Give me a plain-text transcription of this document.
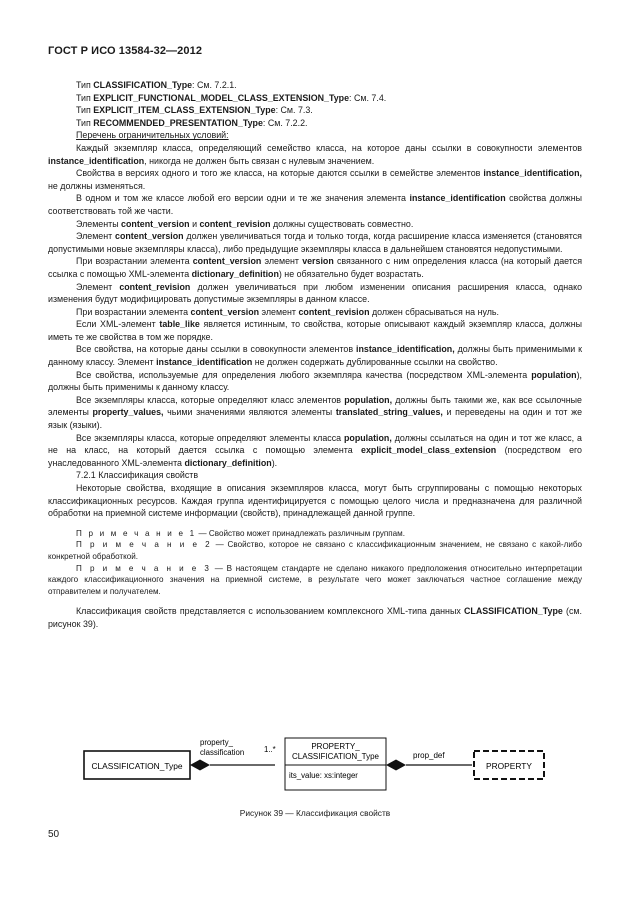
ГОСТ Р ИСО 13584-32—2012

Тип CLASSIFICATION_Type: См. 7.2.1.

Тип EXPLICIT_FUNCTIONAL_MODEL_CLASS_EXTENSION_Type: См. 7.4.

Тип EXPLICIT_ITEM_CLASS_EXTENSION_Type: См. 7.3.

Тип RECOMMENDED_PRESENTATION_Type: См. 7.2.2.

Перечень ограничительных условий:

Каждый экземпляр класса, определяющий семейство класса, на которое даны ссылки в совокупности элементов instance_identification, никогда не должен быть связан с нулевым значением.

Свойства в версиях одного и того же класса, на которые даются ссылки в семействе элементов instance_identification, не должны изменяться.

В одном и том же классе любой его версии одни и те же значения элемента instance_identification свойства должны соответствовать той же части.

Элементы content_version и content_revision должны существовать совместно.

Элемент content_version должен увеличиваться тогда и только тогда, когда расширение класса изменяется (становятся допустимыми новые экземпляры класса), либо предыдущие экземпляры класса в дальнейшем становятся недопустимыми.

При возрастании элемента content_version элемент version связанного с ним определения класса (на который дается ссылка с помощью XML-элемента dictionary_definition) не обязательно будет возрастать.

Элемент content_revision должен увеличиваться при любом изменении описания расширения класса, однако изменения будут модифицировать допустимые экземпляры в данном классе.

При возрастании элемента content_version элемент content_revision должен сбрасываться на нуль.

Если XML-элемент table_like является истинным, то свойства, которые описывают каждый экземпляр класса, должны иметь те же свойства в том же порядке.

Все свойства, на которые даны ссылки в совокупности элементов instance_identification, должны быть применимыми к данному классу. Элемент instance_identification не должен содержать дублированные ссылки на свойство.

Все свойства, используемые для определения любого экземпляра качества (посредством XML-элемента population), должны быть применимы к данному классу.

Все экземпляры класса, которые определяют класс элементов population, должны быть такими же, как все ссылочные элементы property_values, чьими значениями являются элементы translated_string_values, и переведены на один и тот же язык (языки).

Все экземпляры класса, которые определяют элементы класса population, должны ссылаться на один и тот же класс, а не на класс, на который дается ссылка с помощью элемента explicit_model_class_extension (посредством его унаследованного XML-элемента dictionary_definition).

7.2.1 Классификация свойств

Некоторые свойства, входящие в описания экземпляров класса, могут быть сгруппированы с помощью некоторых классификационных ресурсов. Каждая группа идентифицируется с помощью целого числа и предназначена для различной обработки на приемной системе информации (свойств), принадлежащей данной группе.

П р и м е ч а н и е 1 — Свойство может принадлежать различным группам.

П р и м е ч а н и е 2 — Свойство, которое не связано с классификационным значением, не связано с какой-либо конкретной обработкой.

П р и м е ч а н и е 3 — В настоящем стандарте не сделано никакого предположения относительно интерпретации каждого классификационного значения на приемной системе, в результате чего может заключаться частное соглашение между отправителем и получателем.

Классификация свойств представляется с использованием комплексного XML-типа данных CLASSIFICATION_Type (см. рисунок 39).

CLASSIFICATION_Type
property_
classification	1..*	PROPERTY_
CLASSIFICATION_Type
its_value: xs:integer
prop_def
PROPERTY
Рисунок 39 — Классификация свойств
50
